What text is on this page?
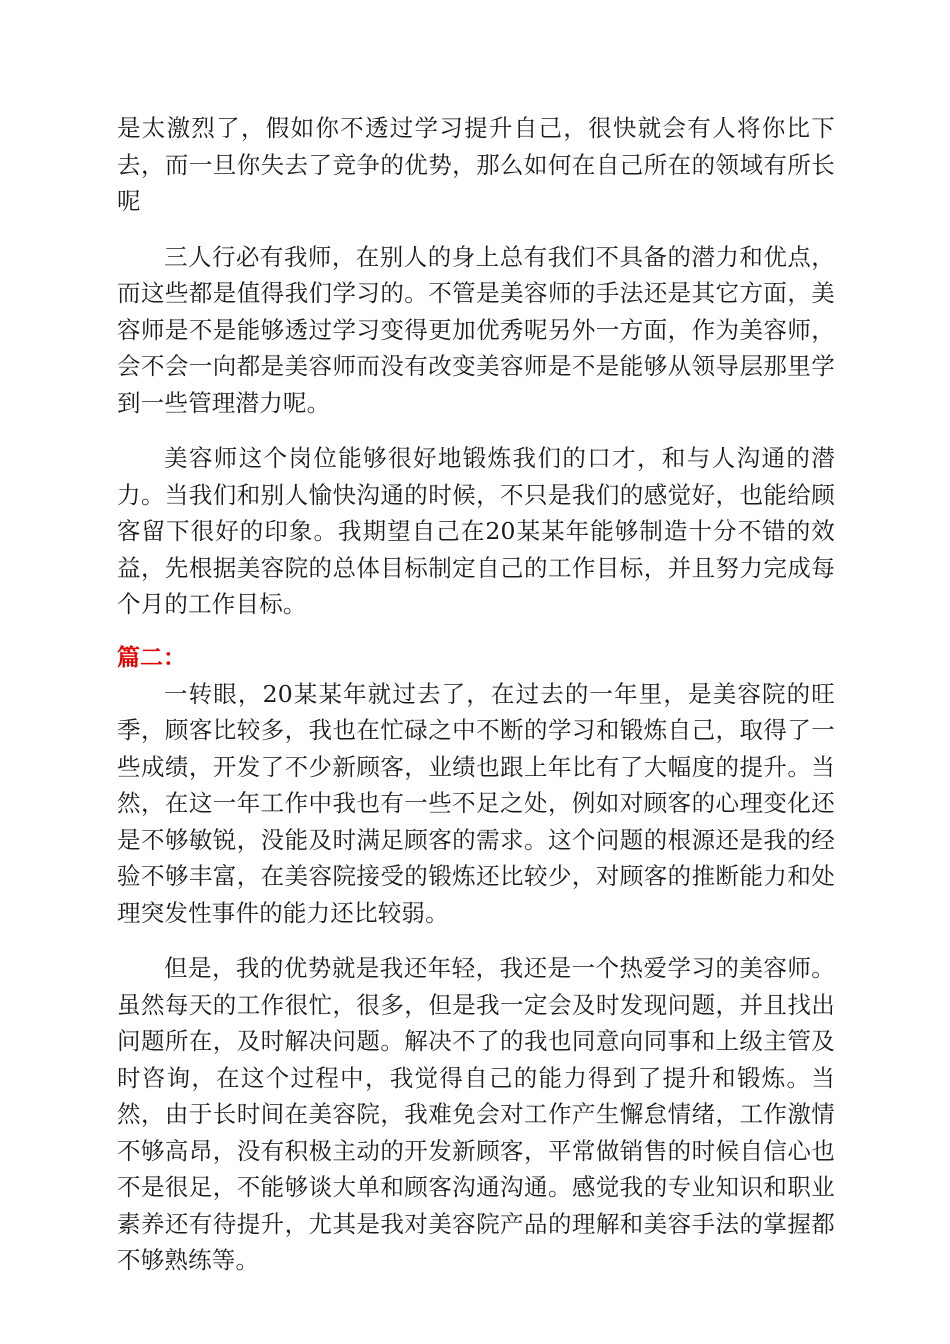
是太激烈了，假如你不透过学习提升自己，很快就会有人将你比下去，而一旦你失去了竞争的优势，那么如何在自己所在的领域有所长呢

三人行必有我师，在别人的身上总有我们不具备的潜力和优点，而这些都是值得我们学习的。不管是美容师的手法还是其它方面，美容师是不是能够透过学习变得更加优秀呢另外一方面，作为美容师，会不会一向都是美容师而没有改变美容师是不是能够从领导层那里学到一些管理潜力呢。

美容师这个岗位能够很好地锻炼我们的口才，和与人沟通的潜力。当我们和别人愉快沟通的时候，不只是我们的感觉好，也能给顾客留下很好的印象。我期望自己在20某某年能够制造十分不错的效益，先根据美容院的总体目标制定自己的工作目标，并且努力完成每个月的工作目标。

篇二：

一转眼，20某某年就过去了，在过去的一年里，是美容院的旺季，顾客比较多，我也在忙碌之中不断的学习和锻炼自己，取得了一些成绩，开发了不少新顾客，业绩也跟上年比有了大幅度的提升。当然，在这一年工作中我也有一些不足之处，例如对顾客的心理变化还是不够敏锐，没能及时满足顾客的需求。这个问题的根源还是我的经验不够丰富，在美容院接受的锻炼还比较少，对顾客的推断能力和处理突发性事件的能力还比较弱。

但是，我的优势就是我还年轻，我还是一个热爱学习的美容师。虽然每天的工作很忙，很多，但是我一定会及时发现问题，并且找出问题所在，及时解决问题。解决不了的我也同意向同事和上级主管及时咨询，在这个过程中，我觉得自己的能力得到了提升和锻炼。当然，由于长时间在美容院，我难免会对工作产生懈怠情绪，工作激情不够高昂，没有积极主动的开发新顾客，平常做销售的时候自信心也不是很足，不能够谈大单和顾客沟通沟通。感觉我的专业知识和职业素养还有待提升，尤其是我对美容院产品的理解和美容手法的掌握都不够熟练等。
